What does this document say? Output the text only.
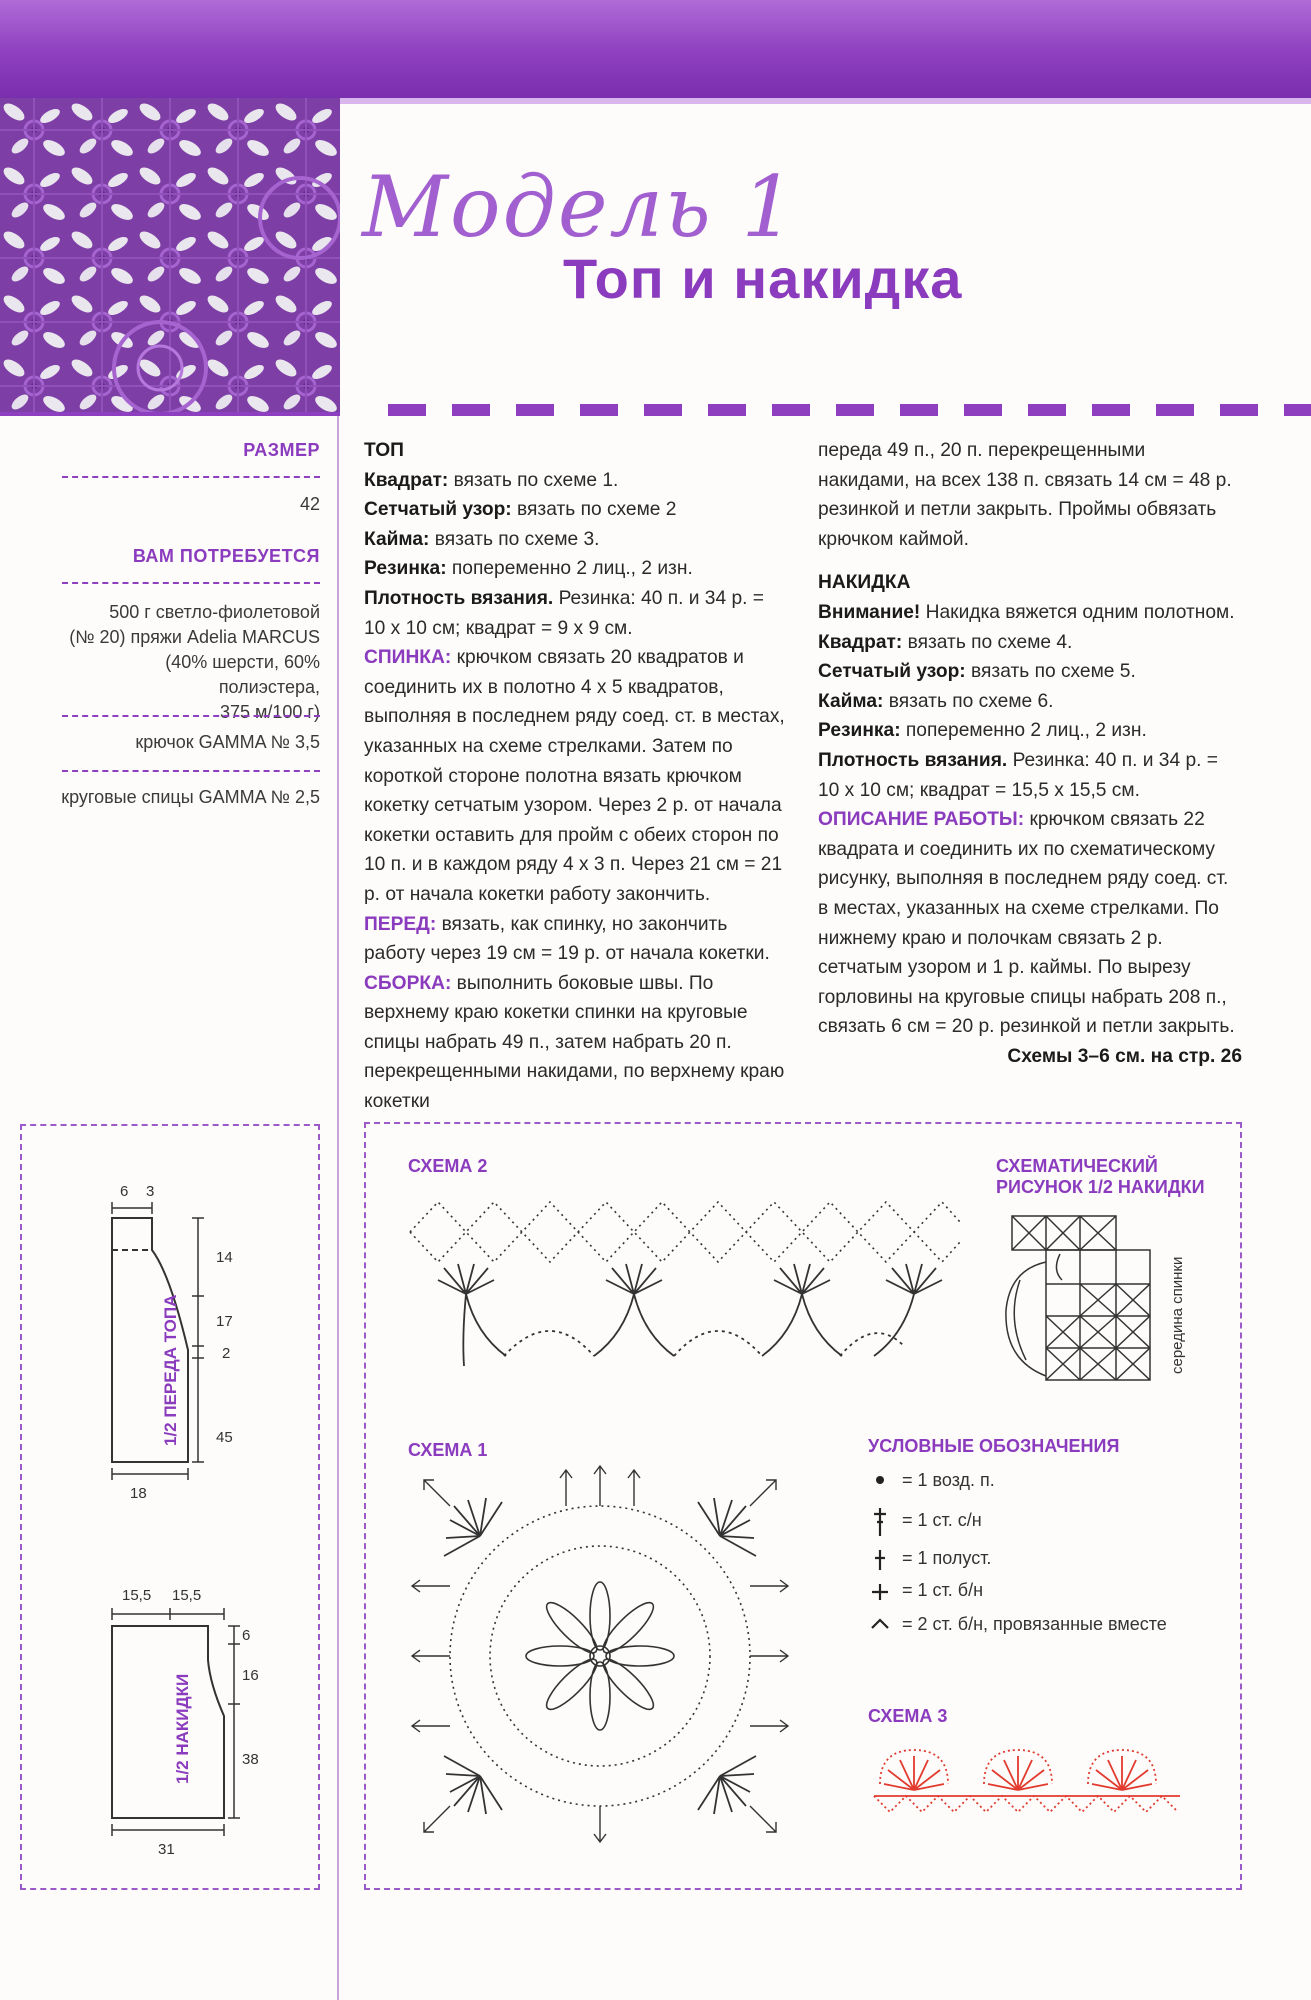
Модель 1
Топ и накидка
РАЗМЕР
42
ВАМ ПОТРЕБУЕТСЯ
500 г светло-фиолетовой
(№ 20) пряжи Adelia MARCUS
(40% шерсти, 60% полиэстера,
375 м/100 г)
крючок GAMMA № 3,5
круговые спицы GAMMA № 2,5

ТОП

Квадрат: вязать по схеме 1.

Сетчатый узор: вязать по схеме 2

Кайма: вязать по схеме 3.

Резинка: попеременно 2 лиц., 2 изн.

Плотность вязания. Резинка: 40 п. и 34 р. = 10 х 10 см; квадрат = 9 х 9 см.

СПИНКА: крючком связать 20 квадратов и соединить их в полотно 4 х 5 квадратов, выполняя в последнем ряду соед. ст. в местах, указанных на схеме стрелками. Затем по короткой стороне полотна вязать крючком кокетку сетчатым узором. Через 2 р. от начала кокетки оставить для пройм с обеих сторон по 10 п. и в каждом ряду 4 х 3 п. Через 21 см = 21 р. от начала кокетки работу закончить.

ПЕРЕД: вязать, как спинку, но закончить работу через 19 см = 19 р. от начала кокетки.

СБОРКА: выполнить боковые швы. По верхнему краю кокетки спинки на круговые спицы набрать 49 п., затем набрать 20 п. перекрещенными накидами, по верхнему краю кокетки

переда 49 п., 20 п. перекрещенными накидами, на всех 138 п. связать 14 см = 48 р. резинкой и петли закрыть. Проймы обвязать крючком каймой.

НАКИДКА

Внимание! Накидка вяжется одним полотном.

Квадрат: вязать по схеме 4.

Сетчатый узор: вязать по схеме 5.

Кайма: вязать по схеме 6.

Резинка: попеременно 2 лиц., 2 изн.

Плотность вязания. Резинка: 40 п. и 34 р. = 10 х 10 см; квадрат = 15,5 х 15,5 см.

ОПИСАНИЕ РАБОТЫ: крючком связать 22 квадрата и соединить их по схематическому рисунку, выполняя в последнем ряду соед. ст. в местах, указанных на схеме стрелками. По нижнему краю и полочкам связать 2 р. сетчатым узором и 1 р. каймы. По вырезу горловины на круговые спицы набрать 208 п., связать 6 см = 20 р. резинкой и петли закрыть.

Схемы 3–6 см. на стр. 26

6 3
14
17
2
45
18
15,5 15,5
6
16
38
31
1/2 ПЕРЕДА ТОПА
1/2 НАКИДКИ
СХЕМА 2
СХЕМА 1
СХЕМАТИЧЕСКИЙ
РИСУНОК 1/2 НАКИДКИ
УСЛОВНЫЕ ОБОЗНАЧЕНИЯ
СХЕМА 3
середина спинки
= 1 возд. п.
= 1 ст. с/н
= 1 полуст.
= 1 ст. б/н
= 2 ст. б/н, провязанные вместе
